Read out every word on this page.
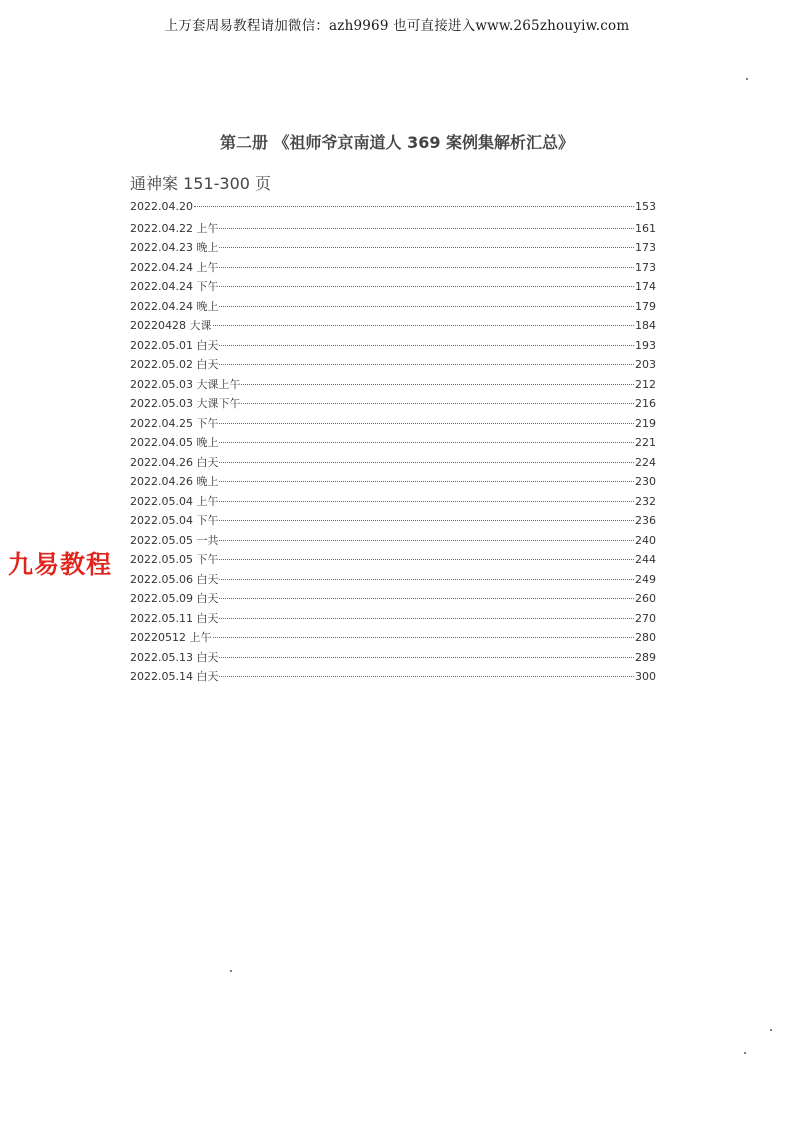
上万套周易教程请加微信：azh9969 也可直接进入www.265zhouyiw.com
第二册 《祖师爷京南道人 369 案例集解析汇总》
通神案 151-300 页
2022.04.20	153
2022.04.22 上午	161
2022.04.23 晚上	173
2022.04.24 上午	173
2022.04.24 下午	174
2022.04.24 晚上	179
20220428 大课	184
2022.05.01 白天	193
2022.05.02 白天	203
2022.05.03 大课上午	212
2022.05.03 大课下午	216
2022.04.25 下午	219
2022.04.05 晚上	221
2022.04.26 白天	224
2022.04.26 晚上	230
2022.05.04 上午	232
2022.05.04 下午	236
2022.05.05 一共	240
2022.05.05 下午	244
2022.05.06 白天	249
2022.05.09 白天	260
2022.05.11 白天	270
20220512 上午	280
2022.05.13 白天	289
2022.05.14 白天	300
九易教程
